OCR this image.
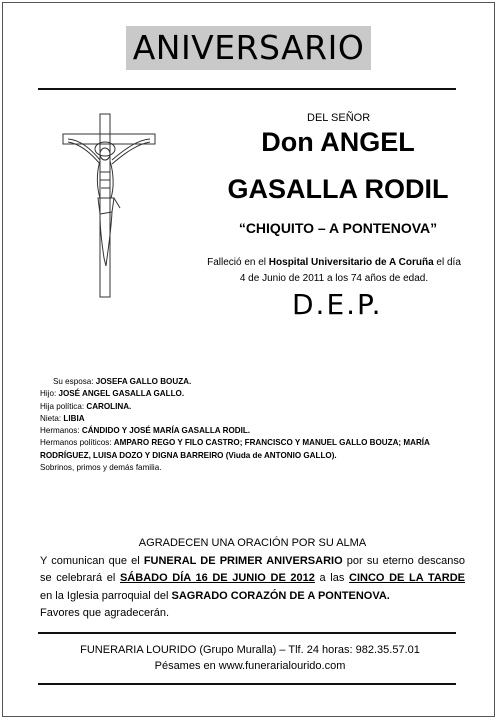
ANIVERSARIO
DEL SEÑOR
Don ANGEL
GASALLA RODIL
“CHIQUITO – A PONTENOVA”
Falleció en el Hospital Universitario de A Coruña el día
4 de Junio de 2011 a los 74 años de edad.
D.E.P.
Su esposa: JOSEFA GALLO BOUZA.
Hijo: JOSÉ ANGEL GASALLA GALLO.
Hija política: CAROLINA.
Nieta: LIBIA
Hermanos: CÁNDIDO Y JOSÉ MARÍA GASALLA RODIL.
Hermanos políticos: AMPARO REGO Y FILO CASTRO; FRANCISCO Y MANUEL GALLO BOUZA; MARÍA RODRÍGUEZ, LUISA DOZO Y DIGNA BARREIRO (Viuda de ANTONIO GALLO).
Sobrinos, primos y demás familia.
AGRADECEN UNA ORACIÓN POR SU ALMA
Y comunican que el FUNERAL DE PRIMER ANIVERSARIO por su eterno descanso
se celebrará el SÁBADO DÍA 16 DE JUNIO DE 2012 a las CINCO DE LA TARDE
en la Iglesia parroquial del SAGRADO CORAZÓN DE A PONTENOVA.
Favores que agradecerán.
FUNERARIA LOURIDO (Grupo Muralla) – Tlf. 24 horas: 982.35.57.01
Pésames en www.funerarialourido.com
